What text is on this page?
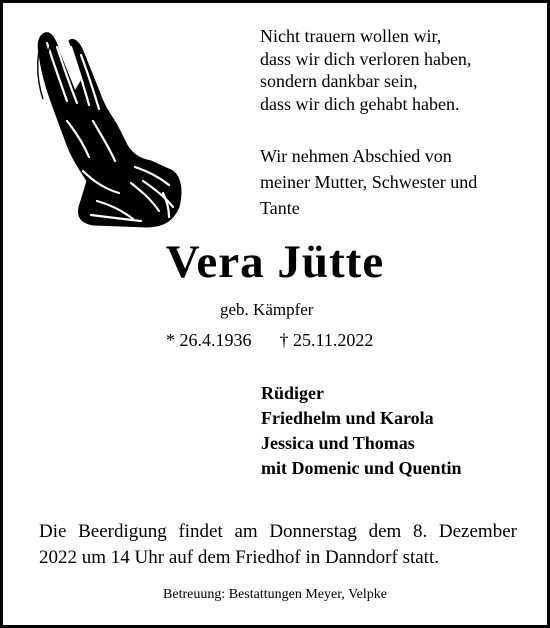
Nicht trauern wollen wir,
dass wir dich verloren haben,
sondern dankbar sein,
dass wir dich gehabt haben.
Wir nehmen Abschied von
meiner Mutter, Schwester und
Tante
Vera Jütte
geb. Kämpfer
* 26.4.1936 † 25.11.2022
Rüdiger
Friedhelm und Karola
Jessica und Thomas
mit Domenic und Quentin
Die Beerdigung findet am Donnerstag dem 8. Dezember
2022 um 14 Uhr auf dem Friedhof in Danndorf statt.
Betreuung: Bestattungen Meyer, Velpke
